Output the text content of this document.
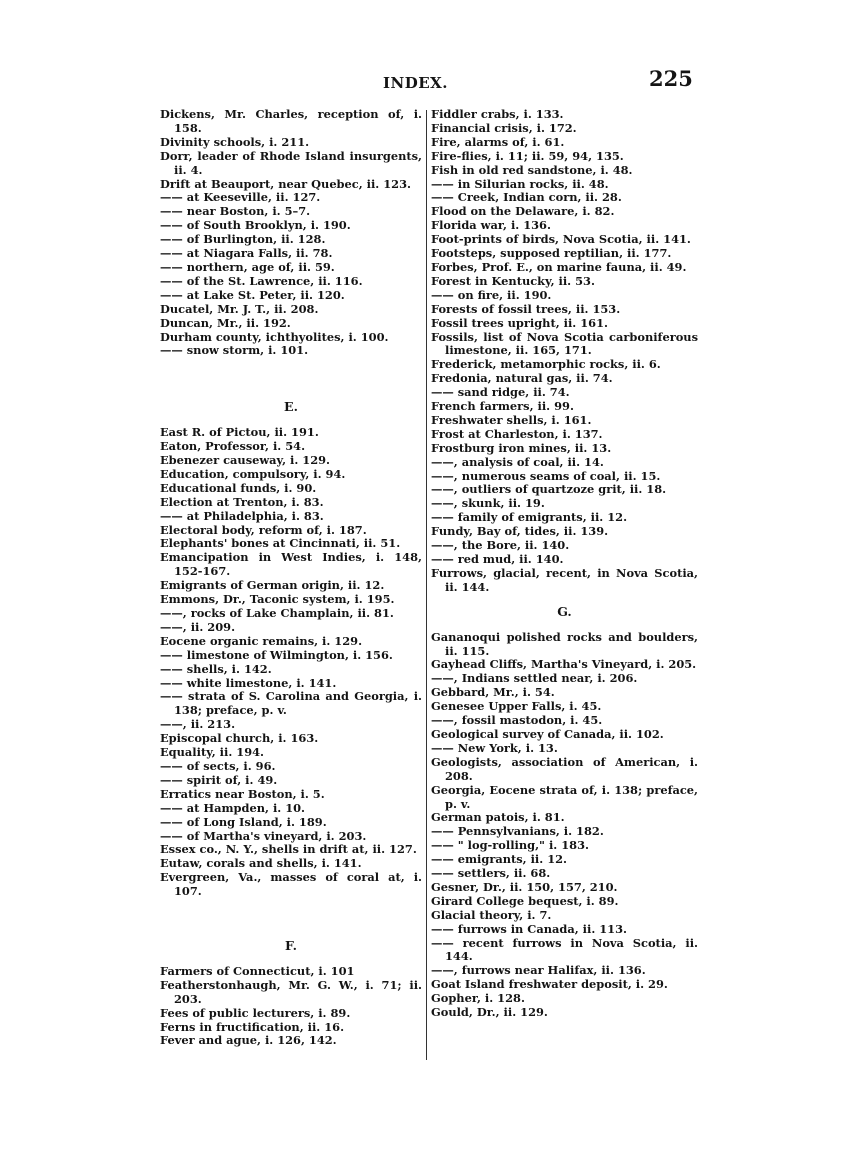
INDEX.	225
Dickens, Mr. Charles, reception of, i. 158.
Divinity schools, i. 211.
Dorr, leader of Rhode Island insurgents, ii. 4.
Drift at Beauport, near Quebec, ii. 123.
—— at Keeseville, ii. 127.
—— near Boston, i. 5–7.
—— of South Brooklyn, i. 190.
—— of Burlington, ii. 128.
—— at Niagara Falls, ii. 78.
—— northern, age of, ii. 59.
—— of the St. Lawrence, ii. 116.
—— at Lake St. Peter, ii. 120.
Ducatel, Mr. J. T., ii. 208.
Duncan, Mr., ii. 192.
Durham county, ichthyolites, i. 100.
—— snow storm, i. 101.
E.
East R. of Pictou, ii. 191.
Eaton, Professor, i. 54.
Ebenezer causeway, i. 129.
Education, compulsory, i. 94.
Educational funds, i. 90.
Election at Trenton, i. 83.
—— at Philadelphia, i. 83.
Electoral body, reform of, i. 187.
Elephants' bones at Cincinnati, ii. 51.
Emancipation in West Indies, i. 148, 152-167.
Emigrants of German origin, ii. 12.
Emmons, Dr., Taconic system, i. 195.
——, rocks of Lake Champlain, ii. 81.
——, ii. 209.
Eocene organic remains, i. 129.
—— limestone of Wilmington, i. 156.
—— shells, i. 142.
—— white limestone, i. 141.
—— strata of S. Carolina and Georgia, i. 138; preface, p. v.
——, ii. 213.
Episcopal church, i. 163.
Equality, ii. 194.
—— of sects, i. 96.
—— spirit of, i. 49.
Erratics near Boston, i. 5.
—— at Hampden, i. 10.
—— of Long Island, i. 189.
—— of Martha's vineyard, i. 203.
Essex co., N. Y., shells in drift at, ii. 127.
Eutaw, corals and shells, i. 141.
Evergreen, Va., masses of coral at, i. 107.
F.
Farmers of Connecticut, i. 101
Featherstonhaugh, Mr. G. W., i. 71; ii. 203.
Fees of public lecturers, i. 89.
Ferns in fructification, ii. 16.
Fever and ague, i. 126, 142.
Fiddler crabs, i. 133.
Financial crisis, i. 172.
Fire, alarms of, i. 61.
Fire-flies, i. 11; ii. 59, 94, 135.
Fish in old red sandstone, i. 48.
—— in Silurian rocks, ii. 48.
—— Creek, Indian corn, ii. 28.
Flood on the Delaware, i. 82.
Florida war, i. 136.
Foot-prints of birds, Nova Scotia, ii. 141.
Footsteps, supposed reptilian, ii. 177.
Forbes, Prof. E., on marine fauna, ii. 49.
Forest in Kentucky, ii. 53.
—— on fire, ii. 190.
Forests of fossil trees, ii. 153.
Fossil trees upright, ii. 161.
Fossils, list of Nova Scotia carboniferous limestone, ii. 165, 171.
Frederick, metamorphic rocks, ii. 6.
Fredonia, natural gas, ii. 74.
—— sand ridge, ii. 74.
French farmers, ii. 99.
Freshwater shells, i. 161.
Frost at Charleston, i. 137.
Frostburg iron mines, ii. 13.
——, analysis of coal, ii. 14.
——, numerous seams of coal, ii. 15.
——, outliers of quartzoze grit, ii. 18.
——, skunk, ii. 19.
—— family of emigrants, ii. 12.
Fundy, Bay of, tides, ii. 139.
——, the Bore, ii. 140.
—— red mud, ii. 140.
Furrows, glacial, recent, in Nova Scotia, ii. 144.
G.
Gananoqui polished rocks and boulders, ii. 115.
Gayhead Cliffs, Martha's Vineyard, i. 205.
——, Indians settled near, i. 206.
Gebbard, Mr., i. 54.
Genesee Upper Falls, i. 45.
——, fossil mastodon, i. 45.
Geological survey of Canada, ii. 102.
—— New York, i. 13.
Geologists, association of American, i. 208.
Georgia, Eocene strata of, i. 138; preface, p. v.
German patois, i. 81.
—— Pennsylvanians, i. 182.
—— " log-rolling," i. 183.
—— emigrants, ii. 12.
—— settlers, ii. 68.
Gesner, Dr., ii. 150, 157, 210.
Girard College bequest, i. 89.
Glacial theory, i. 7.
—— furrows in Canada, ii. 113.
—— recent furrows in Nova Scotia, ii. 144.
——, furrows near Halifax, ii. 136.
Goat Island freshwater deposit, i. 29.
Gopher, i. 128.
Gould, Dr., ii. 129.
